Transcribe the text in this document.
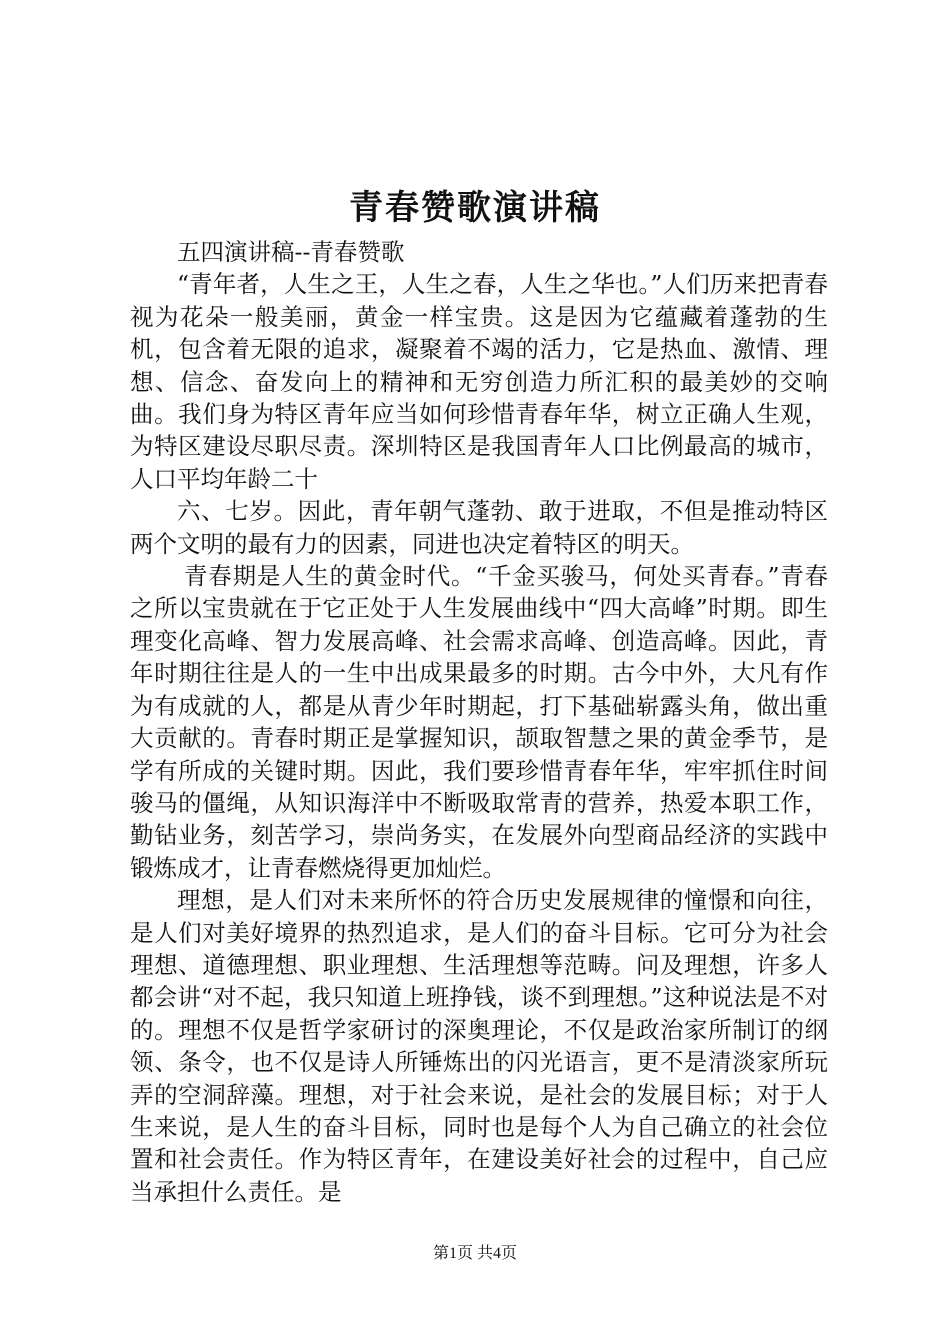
青春赞歌演讲稿

五四演讲稿--青春赞歌

“青年者，人生之王，人生之春，人生之华也。”人们历来把青春视为花朵一般美丽，黄金一样宝贵。这是因为它蕴藏着蓬勃的生机，包含着无限的追求，凝聚着不竭的活力，它是热血、激情、理想、信念、奋发向上的精神和无穷创造力所汇积的最美妙的交响曲。我们身为特区青年应当如何珍惜青春年华，树立正确人生观，为特区建设尽职尽责。深圳特区是我国青年人口比例最高的城市，人口平均年龄二十

六、七岁。因此，青年朝气蓬勃、敢于进取，不但是推动特区两个文明的最有力的因素，同进也决定着特区的明天。

青春期是人生的黄金时代。“千金买骏马，何处买青春。”青春之所以宝贵就在于它正处于人生发展曲线中“四大高峰”时期。即生理变化高峰、智力发展高峰、社会需求高峰、创造高峰。因此，青年时期往往是人的一生中出成果最多的时期。古今中外，大凡有作为有成就的人，都是从青少年时期起，打下基础崭露头角，做出重大贡献的。青春时期正是掌握知识，颉取智慧之果的黄金季节，是学有所成的关键时期。因此，我们要珍惜青春年华，牢牢抓住时间骏马的僵绳，从知识海洋中不断吸取常青的营养，热爱本职工作，勤钻业务，刻苦学习，崇尚务实，在发展外向型商品经济的实践中锻炼成才，让青春燃烧得更加灿烂。

理想，是人们对未来所怀的符合历史发展规律的憧憬和向往，是人们对美好境界的热烈追求，是人们的奋斗目标。它可分为社会理想、道德理想、职业理想、生活理想等范畴。问及理想，许多人都会讲“对不起，我只知道上班挣钱，谈不到理想。”这种说法是不对的。理想不仅是哲学家研讨的深奥理论，不仅是政治家所制订的纲领、条令，也不仅是诗人所锤炼出的闪光语言，更不是清淡家所玩弄的空洞辞藻。理想，对于社会来说，是社会的发展目标；对于人生来说，是人生的奋斗目标，同时也是每个人为自己确立的社会位置和社会责任。作为特区青年，在建设美好社会的过程中，自己应当承担什么责任。是

第1页 共4页
